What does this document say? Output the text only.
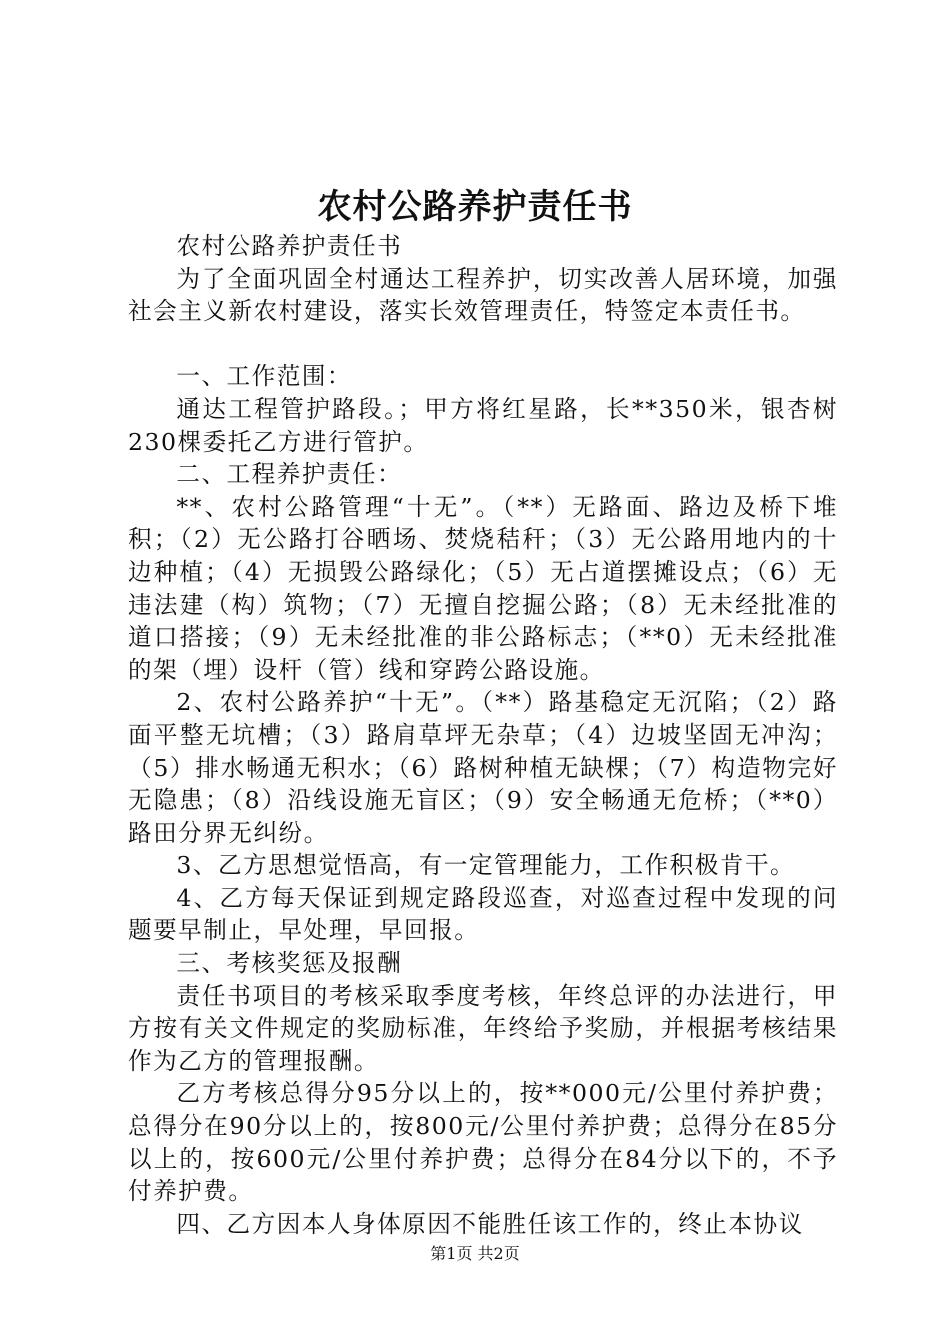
农村公路养护责任书

农村公路养护责任书

为了全面巩固全村通达工程养护，切实改善人居环境，加强社会主义新农村建设，落实长效管理责任，特签定本责任书。

一、工作范围：

通达工程管护路段。；甲方将红星路，长**350米，银杏树230棵委托乙方进行管护。

二、工程养护责任：

**、农村公路管理“十无”。（**）无路面、路边及桥下堆积；（2）无公路打谷晒场、焚烧秸秆；（3）无公路用地内的十边种植；（4）无损毁公路绿化；（5）无占道摆摊设点；（6）无违法建（构）筑物；（7）无擅自挖掘公路；（8）无未经批准的道口搭接；（9）无未经批准的非公路标志；（**0）无未经批准的架（埋）设杆（管）线和穿跨公路设施。

2、农村公路养护“十无”。（**）路基稳定无沉陷；（2）路面平整无坑槽；（3）路肩草坪无杂草；（4）边坡坚固无冲沟；（5）排水畅通无积水；（6）路树种植无缺棵；（7）构造物完好无隐患；（8）沿线设施无盲区；（9）安全畅通无危桥；（**0）路田分界无纠纷。

3、乙方思想觉悟高，有一定管理能力，工作积极肯干。

4、乙方每天保证到规定路段巡查，对巡查过程中发现的问题要早制止，早处理，早回报。

三、考核奖惩及报酬

责任书项目的考核采取季度考核，年终总评的办法进行，甲方按有关文件规定的奖励标准，年终给予奖励，并根据考核结果作为乙方的管理报酬。

乙方考核总得分95分以上的，按**000元/公里付养护费；总得分在90分以上的，按800元/公里付养护费；总得分在85分以上的，按600元/公里付养护费；总得分在84分以下的，不予付养护费。

四、乙方因本人身体原因不能胜任该工作的，终止本协议

第1页 共2页
